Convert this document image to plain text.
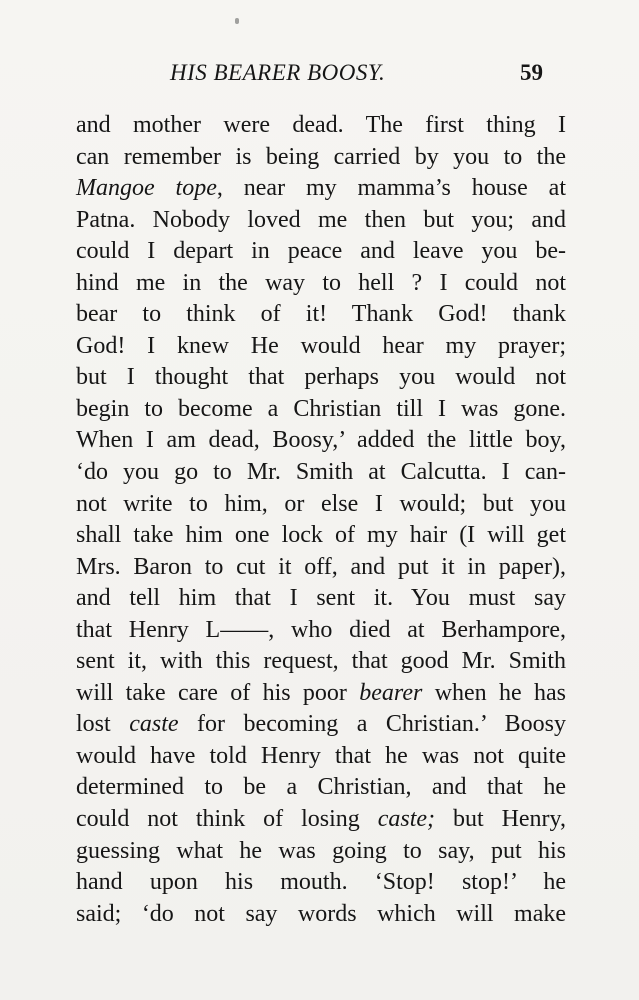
HIS BEARER BOOSY.	59
and mother were dead. The first thing I
can remember is being carried by you to the
Mangoe tope, near my mamma’s house at
Patna. Nobody loved me then but you; and
could I depart in peace and leave you be-
hind me in the way to hell ? I could not
bear to think of it! Thank God! thank
God! I knew He would hear my prayer;
but I thought that perhaps you would not
begin to become a Christian till I was gone.
When I am dead, Boosy,’ added the little boy,
‘do you go to Mr. Smith at Calcutta. I can-
not write to him, or else I would; but you
shall take him one lock of my hair (I will get
Mrs. Baron to cut it off, and put it in paper),
and tell him that I sent it. You must say
that Henry L——, who died at Berhampore,
sent it, with this request, that good Mr. Smith
will take care of his poor bearer when he has
lost caste for becoming a Christian.’ Boosy
would have told Henry that he was not quite
determined to be a Christian, and that he
could not think of losing caste; but Henry,
guessing what he was going to say, put his
hand upon his mouth. ‘Stop! stop!’ he
said; ‘do not say words which will make
